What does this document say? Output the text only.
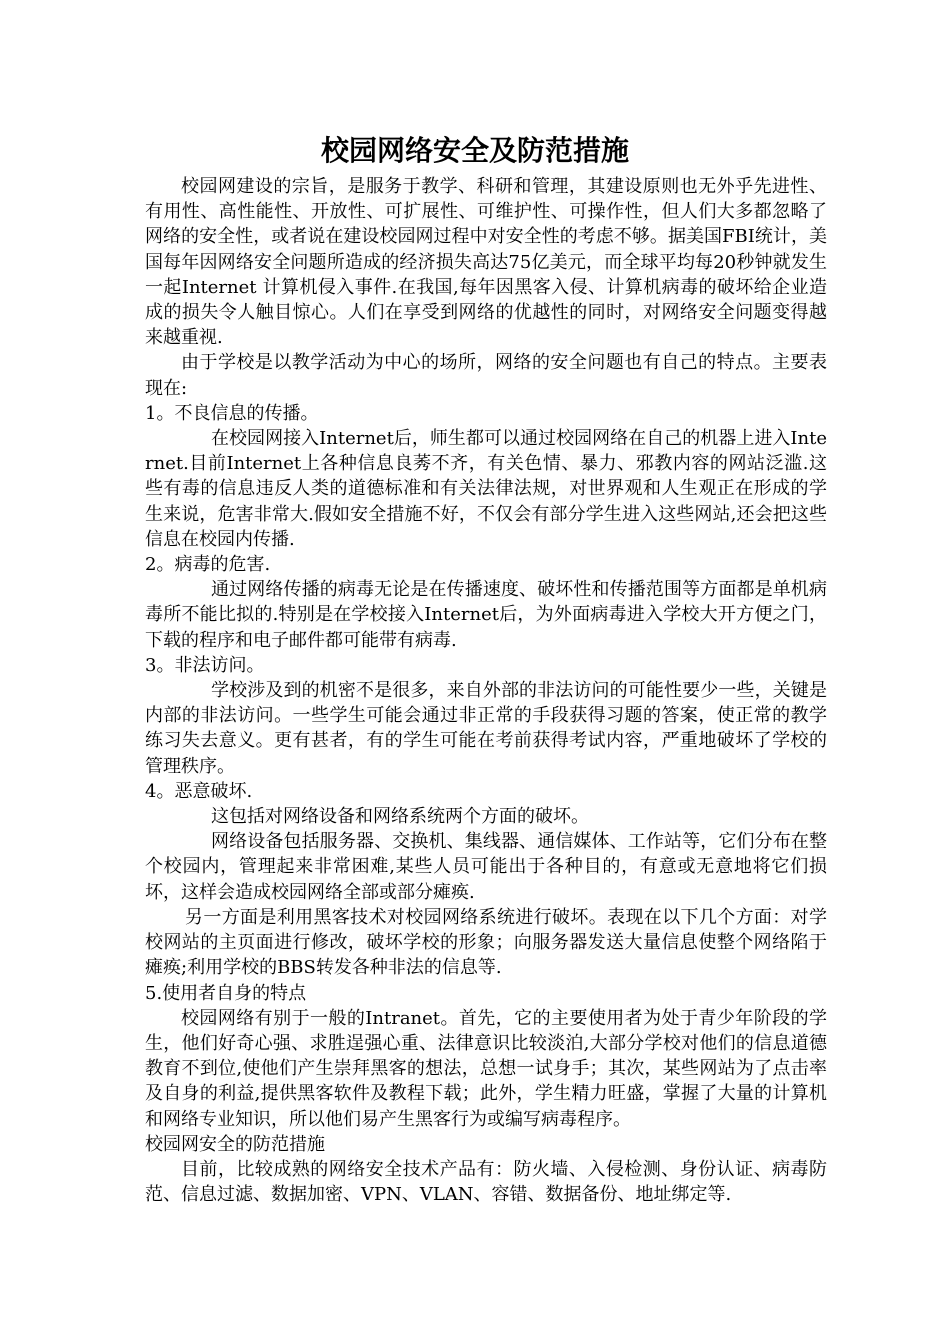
校园网络安全及防范措施

校园网建设的宗旨，是服务于教学、科研和管理，其建设原则也无外乎先进性、有用性、高性能性、开放性、可扩展性、可维护性、可操作性，但人们大多都忽略了网络的安全性，或者说在建设校园网过程中对安全性的考虑不够。据美国FBI统计，美国每年因网络安全问题所造成的经济损失高达75亿美元，而全球平均每20秒钟就发生一起Internet 计算机侵入事件.在我国,每年因黑客入侵、计算机病毒的破坏给企业造成的损失令人触目惊心。人们在享受到网络的优越性的同时，对网络安全问题变得越来越重视.

由于学校是以教学活动为中心的场所，网络的安全问题也有自己的特点。主要表现在:

1。不良信息的传播。

在校园网接入Internet后，师生都可以通过校园网络在自己的机器上进入Internet.目前Internet上各种信息良莠不齐，有关色情、暴力、邪教内容的网站泛滥.这些有毒的信息违反人类的道德标准和有关法律法规，对世界观和人生观正在形成的学生来说，危害非常大.假如安全措施不好，不仅会有部分学生进入这些网站,还会把这些信息在校园内传播.

2。病毒的危害.

通过网络传播的病毒无论是在传播速度、破坏性和传播范围等方面都是单机病毒所不能比拟的.特别是在学校接入Internet后，为外面病毒进入学校大开方便之门，下载的程序和电子邮件都可能带有病毒.

3。非法访问。

学校涉及到的机密不是很多，来自外部的非法访问的可能性要少一些，关键是内部的非法访问。一些学生可能会通过非正常的手段获得习题的答案，使正常的教学练习失去意义。更有甚者，有的学生可能在考前获得考试内容，严重地破坏了学校的管理秩序。

4。恶意破坏.

这包括对网络设备和网络系统两个方面的破坏。

网络设备包括服务器、交换机、集线器、通信媒体、工作站等，它们分布在整个校园内，管理起来非常困难,某些人员可能出于各种目的，有意或无意地将它们损坏，这样会造成校园网络全部或部分瘫痪.

另一方面是利用黑客技术对校园网络系统进行破坏。表现在以下几个方面：对学校网站的主页面进行修改，破坏学校的形象；向服务器发送大量信息使整个网络陷于瘫痪;利用学校的BBS转发各种非法的信息等.

5.使用者自身的特点

校园网络有别于一般的Intranet。首先，它的主要使用者为处于青少年阶段的学生，他们好奇心强、求胜逞强心重、法律意识比较淡泊,大部分学校对他们的信息道德教育不到位,使他们产生崇拜黑客的想法，总想一试身手；其次，某些网站为了点击率及自身的利益,提供黑客软件及教程下载；此外，学生精力旺盛，掌握了大量的计算机和网络专业知识，所以他们易产生黑客行为或编写病毒程序。

校园网安全的防范措施

目前，比较成熟的网络安全技术产品有：防火墙、入侵检测、身份认证、病毒防范、信息过滤、数据加密、VPN、VLAN、容错、数据备份、地址绑定等.
